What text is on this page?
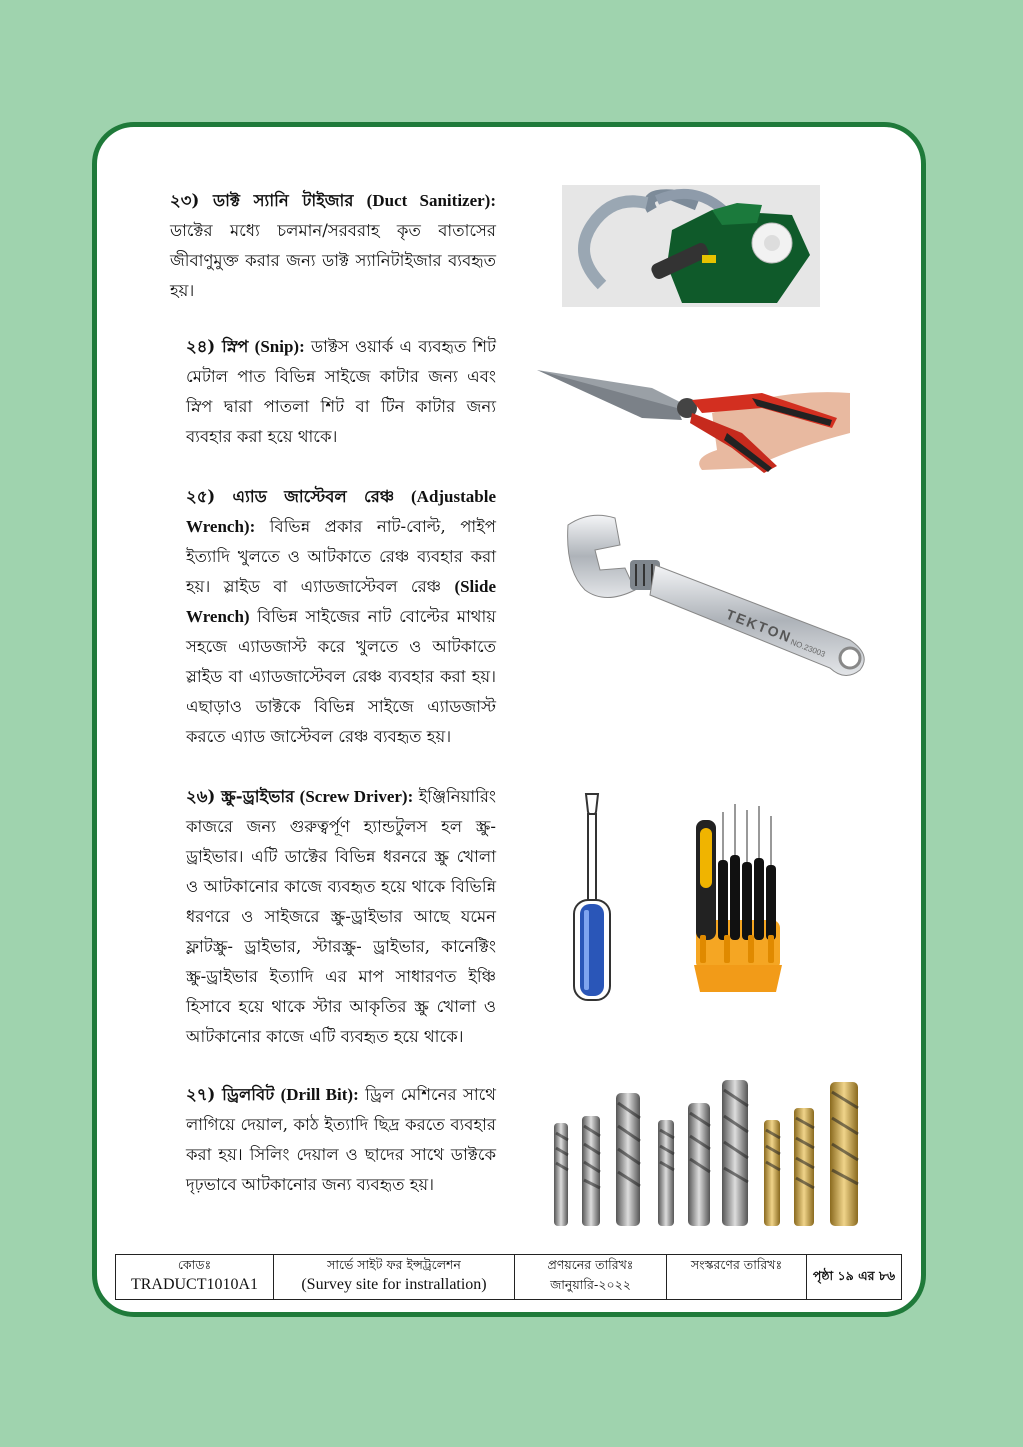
২৩) ডাক্ট স্যানি টাইজার (Duct Sanitizer): ডাক্টের মধ্যে চলমান/সরবরাহ কৃত বাতাসের জীবাণুমুক্ত করার জন্য ডাক্ট স্যানিটাইজার ব্যবহৃত হয়।

২৪) স্নিপ (Snip): ডাক্টস ওয়ার্ক এ ব্যবহৃত শিট মেটাল পাত বিভিন্ন সাইজে কাটার জন্য এবং স্নিপ দ্বারা পাতলা শিট বা টিন কাটার জন্য ব্যবহার করা হয়ে থাকে।

২৫) এ্যাড জাস্টেবল রেঞ্চ (Adjustable Wrench): বিভিন্ন প্রকার নাট-বোল্ট, পাইপ ইত্যাদি খুলতে ও আটকাতে রেঞ্চ ব্যবহার করা হয়। স্লাইড বা এ্যাডজাস্টেবল রেঞ্চ (Slide Wrench) বিভিন্ন সাইজের নাট বোল্টের মাথায় সহজে এ্যাডজাস্ট করে খুলতে ও আটকাতে স্লাইড বা এ্যাডজাস্টেবল রেঞ্চ ব্যবহার করা হয়। এছাড়াও ডাক্টকে বিভিন্ন সাইজে এ্যাডজাস্ট করতে এ্যাড জাস্টেবল রেঞ্চ ব্যবহৃত হয়।

২৬) স্ক্রু-ড্রাইভার (Screw Driver): ইঞ্জিনিয়ারিং কাজরে জন্য গুরুত্বর্পূণ হ্যান্ডটুলস হল স্ক্রু-ড্রাইভার। এটি ডাক্টের বিভিন্ন ধরনরে স্ক্রু খোলা ও আটকানোর কাজে ব্যবহৃত হয়ে থাকে বিভিন্নি ধরণরে ও সাইজরে স্ক্রু-ড্রাইভার আছে যমেন ফ্লাটস্ক্রু- ড্রাইভার, স্টারস্ক্রু- ড্রাইভার, কানেক্টিং স্ক্রু-ড্রাইভার ইত্যাদি এর মাপ সাধারণত ইঞ্চি হিসাবে হয়ে থাকে স্টার আকৃতির স্ক্রু খোলা ও আটকানোর কাজে এটি ব্যবহৃত হয়ে থাকে।

২৭) ড্রিলবিট (Drill Bit): ড্রিল মেশিনের সাথে লাগিয়ে দেয়াল, কাঠ ইত্যাদি ছিদ্র করতে ব্যবহার করা হয়। সিলিং দেয়াল ও ছাদের সাথে ডাক্টকে দৃঢ়ভাবে আটকানোর জন্য ব্যবহৃত হয়।

TEKTON
NO.23003
কোডঃ
TRADUCT1010A1

সার্ভে সাইট ফর ইন্সট্রলেশন
(Survey site for instrallation)

প্রণয়নের তারিখঃ
জানুয়ারি-২০২২

সংস্করণের তারিখঃ
	পৃষ্ঠা ১৯ এর ৮৬
